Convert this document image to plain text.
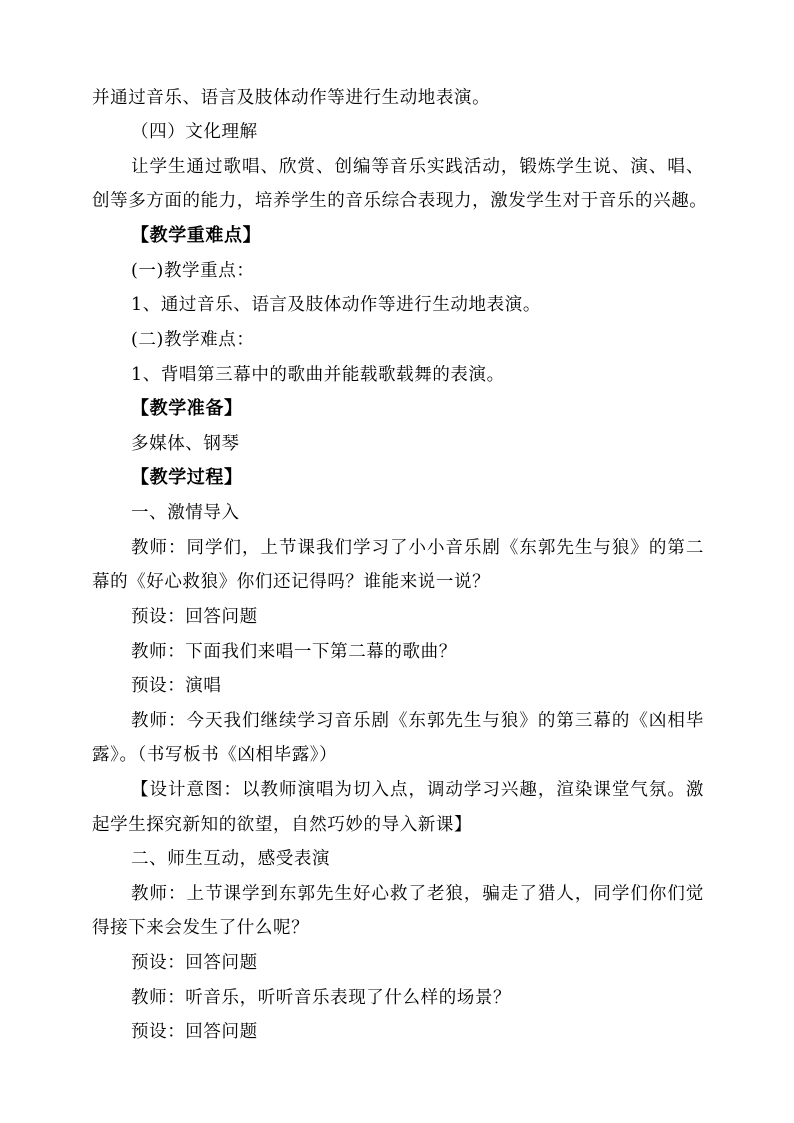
并通过音乐、语言及肢体动作等进行生动地表演。
（四）文化理解
让学生通过歌唱、欣赏、创编等音乐实践活动，锻炼学生说、演、唱、
创等多方面的能力，培养学生的音乐综合表现力，激发学生对于音乐的兴趣。
【教学重难点】
(一)教学重点：
1、通过音乐、语言及肢体动作等进行生动地表演。
(二)教学难点：
1、背唱第三幕中的歌曲并能载歌载舞的表演。
【教学准备】
多媒体、钢琴
【教学过程】
一、激情导入
教师：同学们，上节课我们学习了小小音乐剧《东郭先生与狼》的第二
幕的《好心救狼》你们还记得吗？谁能来说一说？
预设：回答问题
教师：下面我们来唱一下第二幕的歌曲？
预设：演唱
教师：今天我们继续学习音乐剧《东郭先生与狼》的第三幕的《凶相毕
露》。（书写板书《凶相毕露》）
【设计意图：以教师演唱为切入点，调动学习兴趣，渲染课堂气氛。激
起学生探究新知的欲望，自然巧妙的导入新课】
二、师生互动，感受表演
教师：上节课学到东郭先生好心救了老狼，骗走了猎人，同学们你们觉
得接下来会发生了什么呢？
预设：回答问题
教师：听音乐，听听音乐表现了什么样的场景？
预设：回答问题
